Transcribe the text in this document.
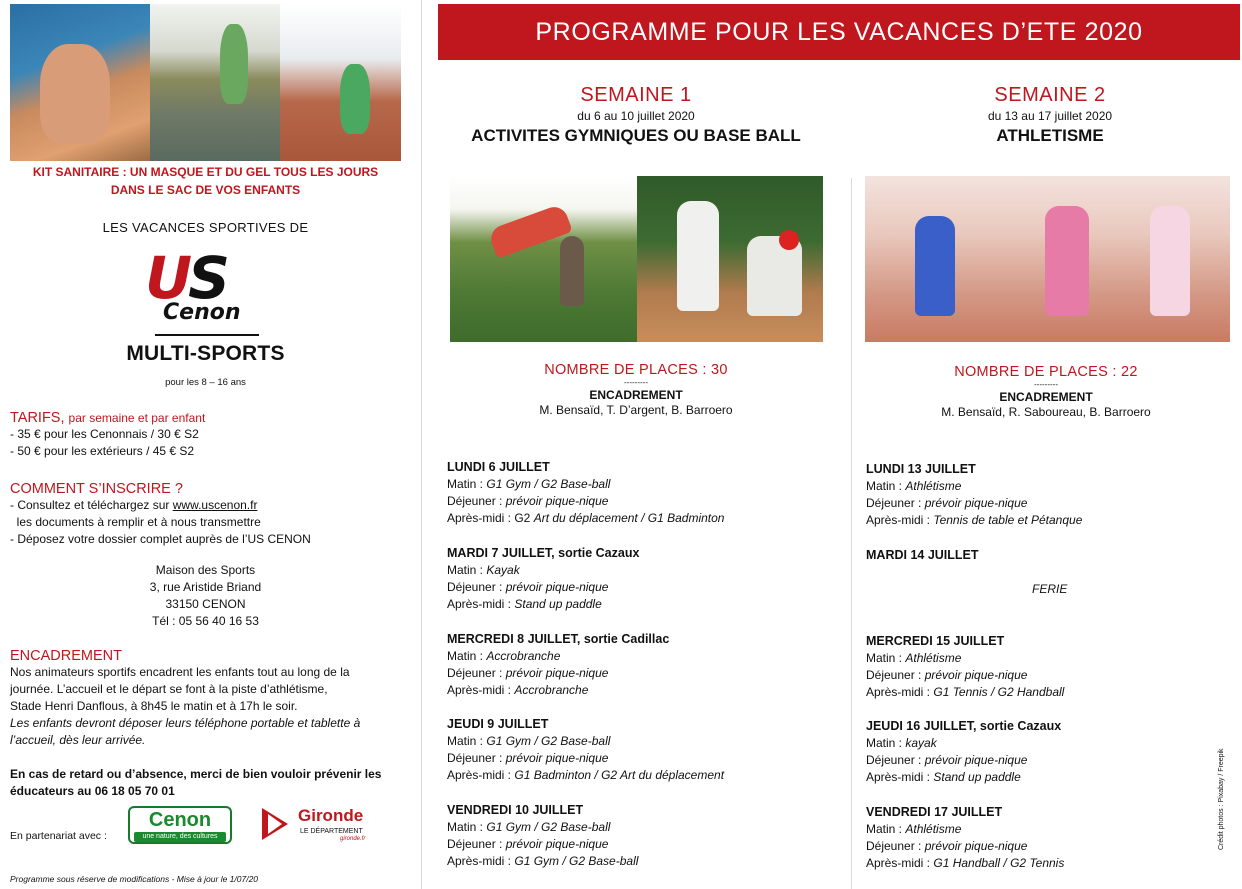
KIT SANITAIRE : UN MASQUE ET DU GEL TOUS LES JOURS
DANS LE SAC DE VOS ENFANTS
LES VACANCES SPORTIVES DE
US
Cenon
MULTI-SPORTS
pour les 8 – 16 ans
TARIFS, par semaine et par enfant
- 35 € pour les Cenonnais / 30 € S2
- 50 € pour les extérieurs / 45 € S2
COMMENT S’INSCRIRE ?
- Consultez et téléchargez sur www.uscenon.fr
les documents à remplir et à nous transmettre
- Déposez votre dossier complet auprès de l’US CENON
Maison des Sports
3, rue Aristide Briand
33150 CENON
Tél : 05 56 40 16 53
ENCADREMENT
Nos animateurs sportifs encadrent les enfants tout au long de la
journée. L’accueil et le départ se font à la piste d’athlétisme,
Stade Henri Danflous, à 8h45 le matin et à 17h le soir.
Les enfants devront déposer leurs téléphone portable et tablette à
l’accueil, dès leur arrivée.
En cas de retard ou d’absence, merci de bien vouloir prévenir les
éducateurs au 06 18 05 70 01
En partenariat avec :
Cenon
une nature, des cultures
Gironde
LE DÉPARTEMENT
gironde.fr
Programme sous réserve de modifications - Mise à jour le 1/07/20
PROGRAMME POUR LES VACANCES D’ETE 2020
SEMAINE 1
du 6 au 10 juillet 2020
ACTIVITES GYMNIQUES OU BASE BALL
SEMAINE 2
du 13 au 17 juillet 2020
ATHLETISME
NOMBRE DE PLACES : 30
---------
ENCADREMENT
M. Bensaïd, T. D’argent, B. Barroero
NOMBRE DE PLACES : 22
---------
ENCADREMENT
M. Bensaïd, R. Saboureau, B. Barroero
LUNDI 6 JUILLET
Matin : G1 Gym / G2 Base-ball
Déjeuner : prévoir pique-nique
Après-midi : G2 Art du déplacement / G1 Badminton
MARDI 7 JUILLET, sortie Cazaux
Matin : Kayak
Déjeuner : prévoir pique-nique
Après-midi : Stand up paddle
MERCREDI 8 JUILLET, sortie Cadillac
Matin : Accrobranche
Déjeuner : prévoir pique-nique
Après-midi : Accrobranche
JEUDI 9 JUILLET
Matin : G1 Gym / G2 Base-ball
Déjeuner : prévoir pique-nique
Après-midi : G1 Badminton / G2 Art du déplacement
VENDREDI 10 JUILLET
Matin : G1 Gym / G2 Base-ball
Déjeuner : prévoir pique-nique
Après-midi : G1 Gym / G2 Base-ball
LUNDI 13 JUILLET
Matin : Athlétisme
Déjeuner : prévoir pique-nique
Après-midi : Tennis de table et Pétanque
MARDI 14 JUILLET
FERIE
MERCREDI 15 JUILLET
Matin : Athlétisme
Déjeuner : prévoir pique-nique
Après-midi : G1 Tennis / G2 Handball
JEUDI 16 JUILLET, sortie Cazaux
Matin : kayak
Déjeuner : prévoir pique-nique
Après-midi : Stand up paddle
VENDREDI 17 JUILLET
Matin : Athlétisme
Déjeuner : prévoir pique-nique
Après-midi : G1 Handball / G2 Tennis
Crédit photos : Pixabay / Freepik
